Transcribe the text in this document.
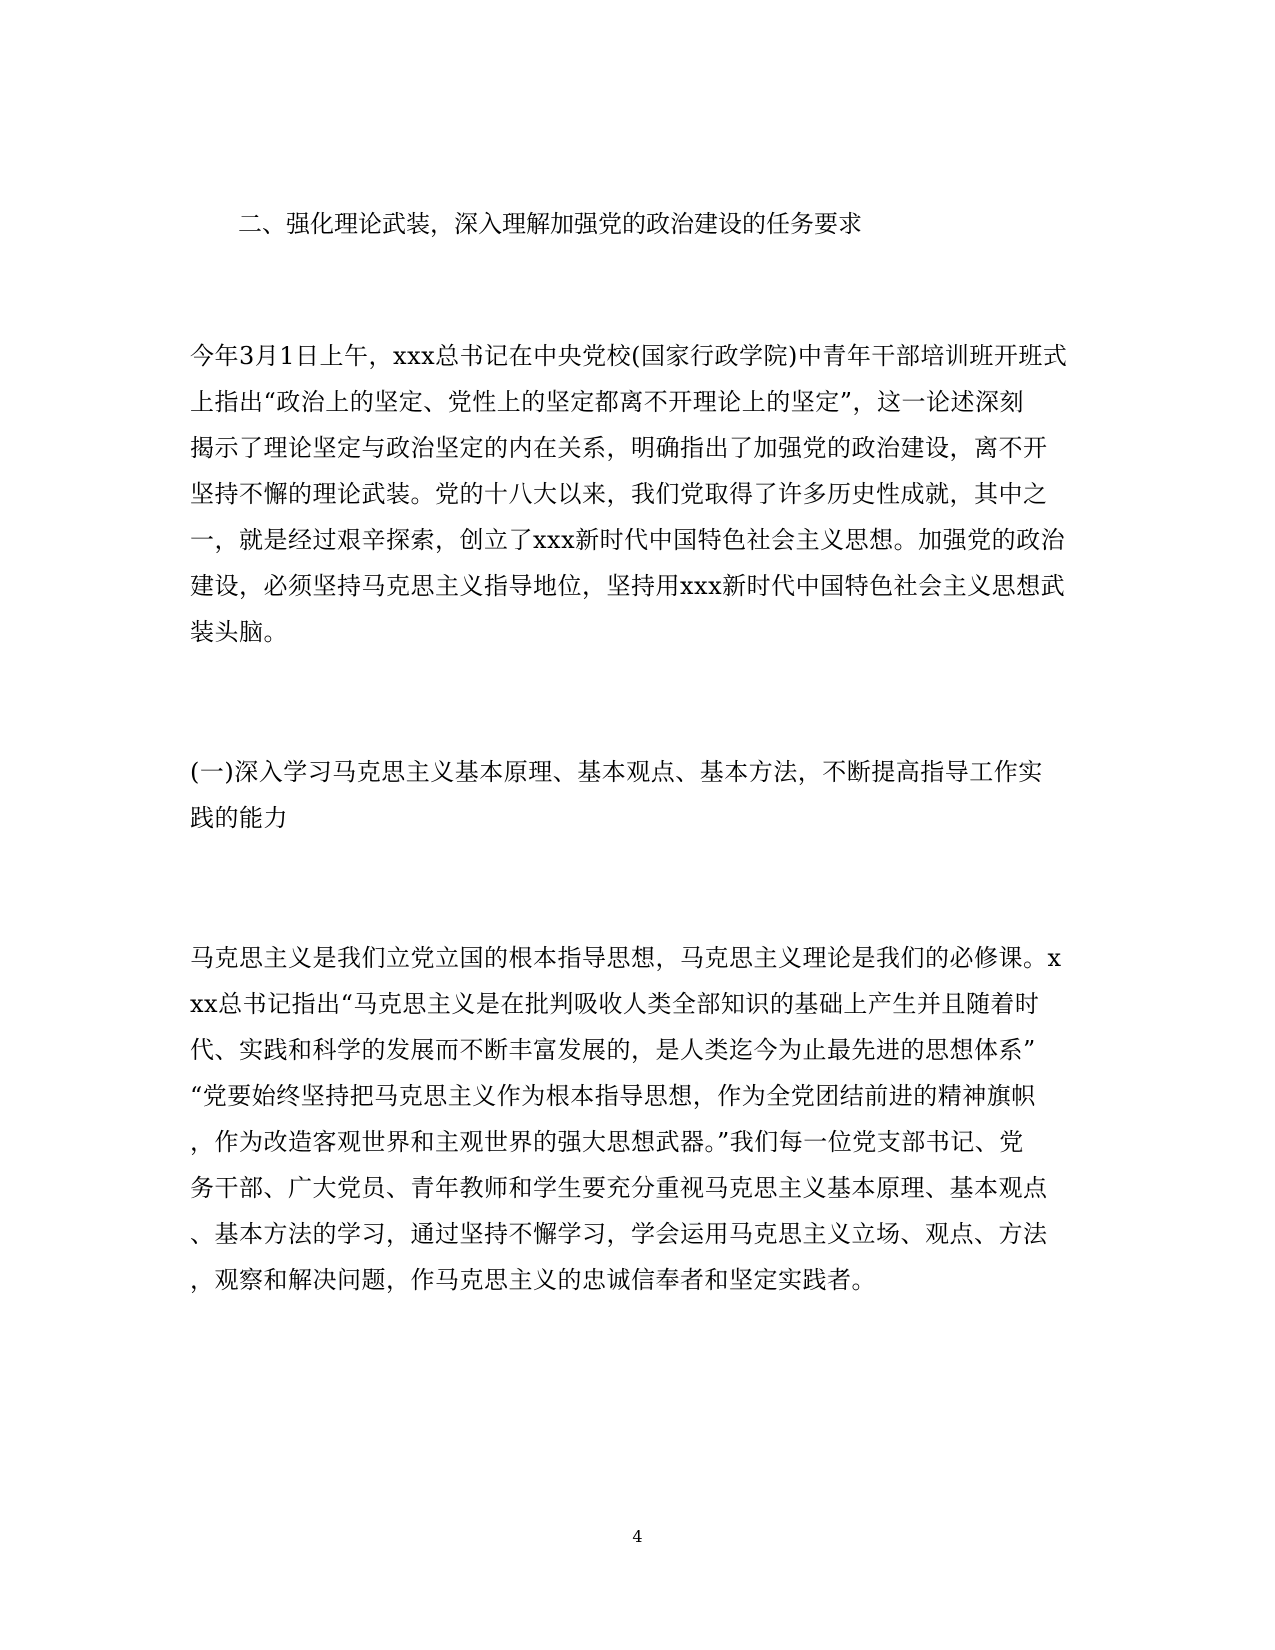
二、强化理论武装，深入理解加强党的政治建设的任务要求
今年3月1日上午，xxx总书记在中央党校(国家行政学院)中青年干部培训班开班式
上指出“政治上的坚定、党性上的坚定都离不开理论上的坚定”，这一论述深刻
揭示了理论坚定与政治坚定的内在关系，明确指出了加强党的政治建设，离不开
坚持不懈的理论武装。党的十八大以来，我们党取得了许多历史性成就，其中之
一，就是经过艰辛探索，创立了xxx新时代中国特色社会主义思想。加强党的政治
建设，必须坚持马克思主义指导地位，坚持用xxx新时代中国特色社会主义思想武
装头脑。
(一)深入学习马克思主义基本原理、基本观点、基本方法，不断提高指导工作实
践的能力
马克思主义是我们立党立国的根本指导思想，马克思主义理论是我们的必修课。x
xx总书记指出“马克思主义是在批判吸收人类全部知识的基础上产生并且随着时
代、实践和科学的发展而不断丰富发展的，是人类迄今为止最先进的思想体系”
“党要始终坚持把马克思主义作为根本指导思想，作为全党团结前进的精神旗帜
，作为改造客观世界和主观世界的强大思想武器。”我们每一位党支部书记、党
务干部、广大党员、青年教师和学生要充分重视马克思主义基本原理、基本观点
、基本方法的学习，通过坚持不懈学习，学会运用马克思主义立场、观点、方法
，观察和解决问题，作马克思主义的忠诚信奉者和坚定实践者。
4
